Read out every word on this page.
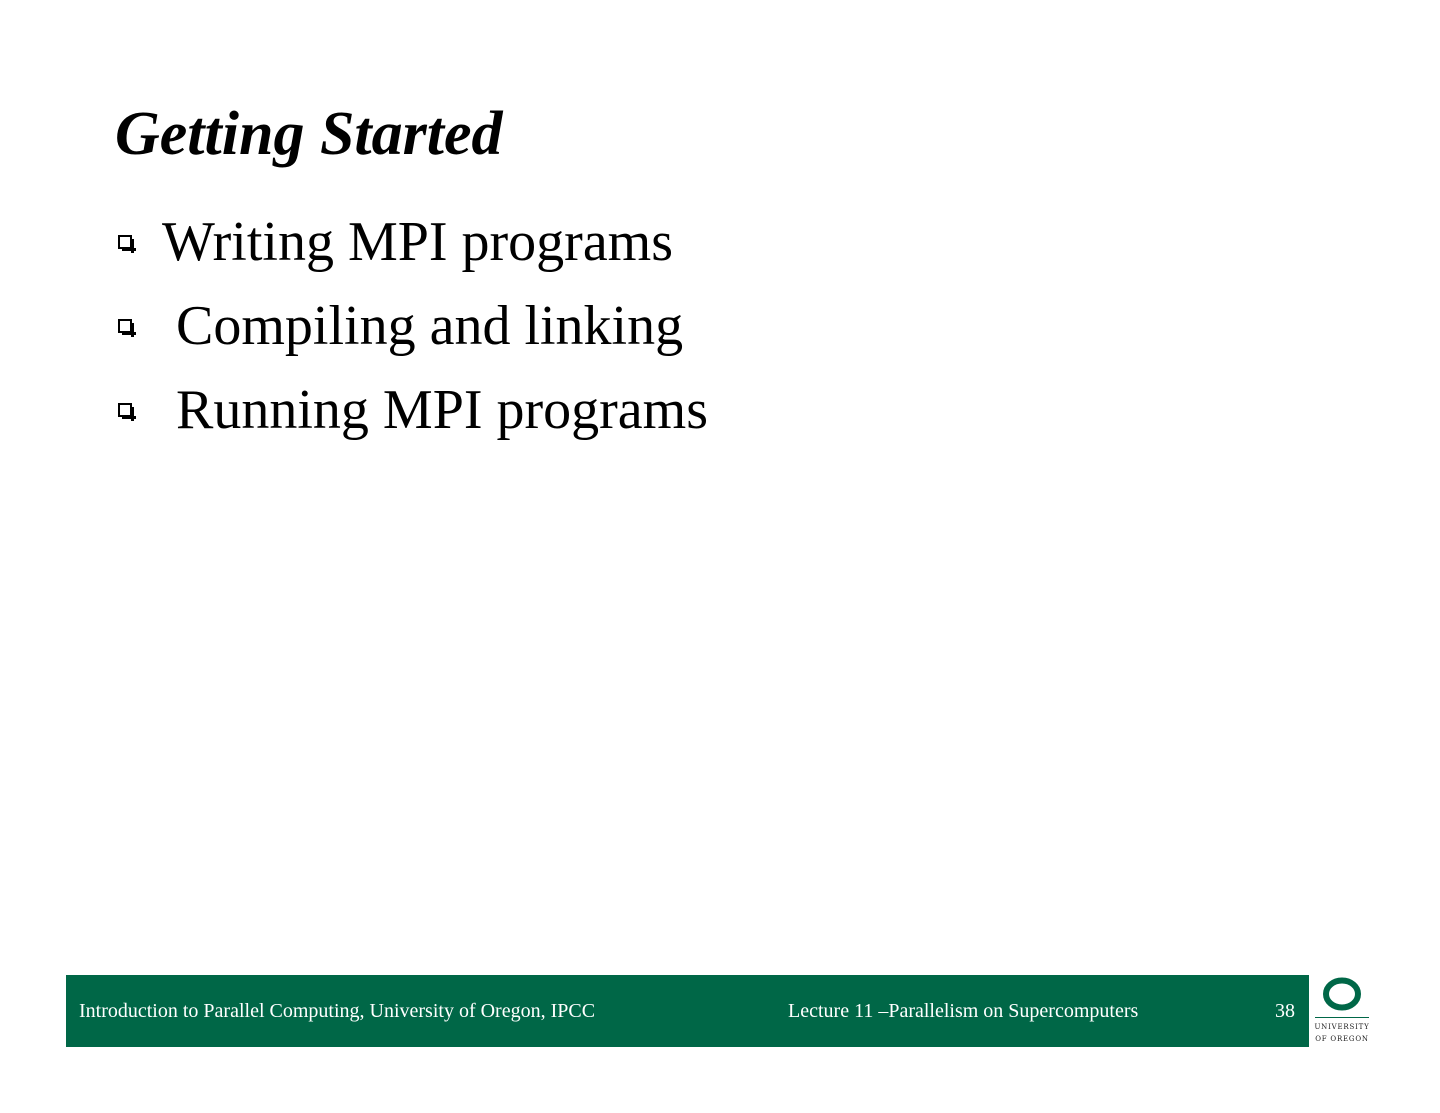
Getting Started
Writing MPI programs
Compiling and linking
Running MPI programs
Introduction to Parallel Computing, University of Oregon, IPCC	Lecture 11 –Parallelism on Supercomputers	38
UNIVERSITY
OF OREGON
